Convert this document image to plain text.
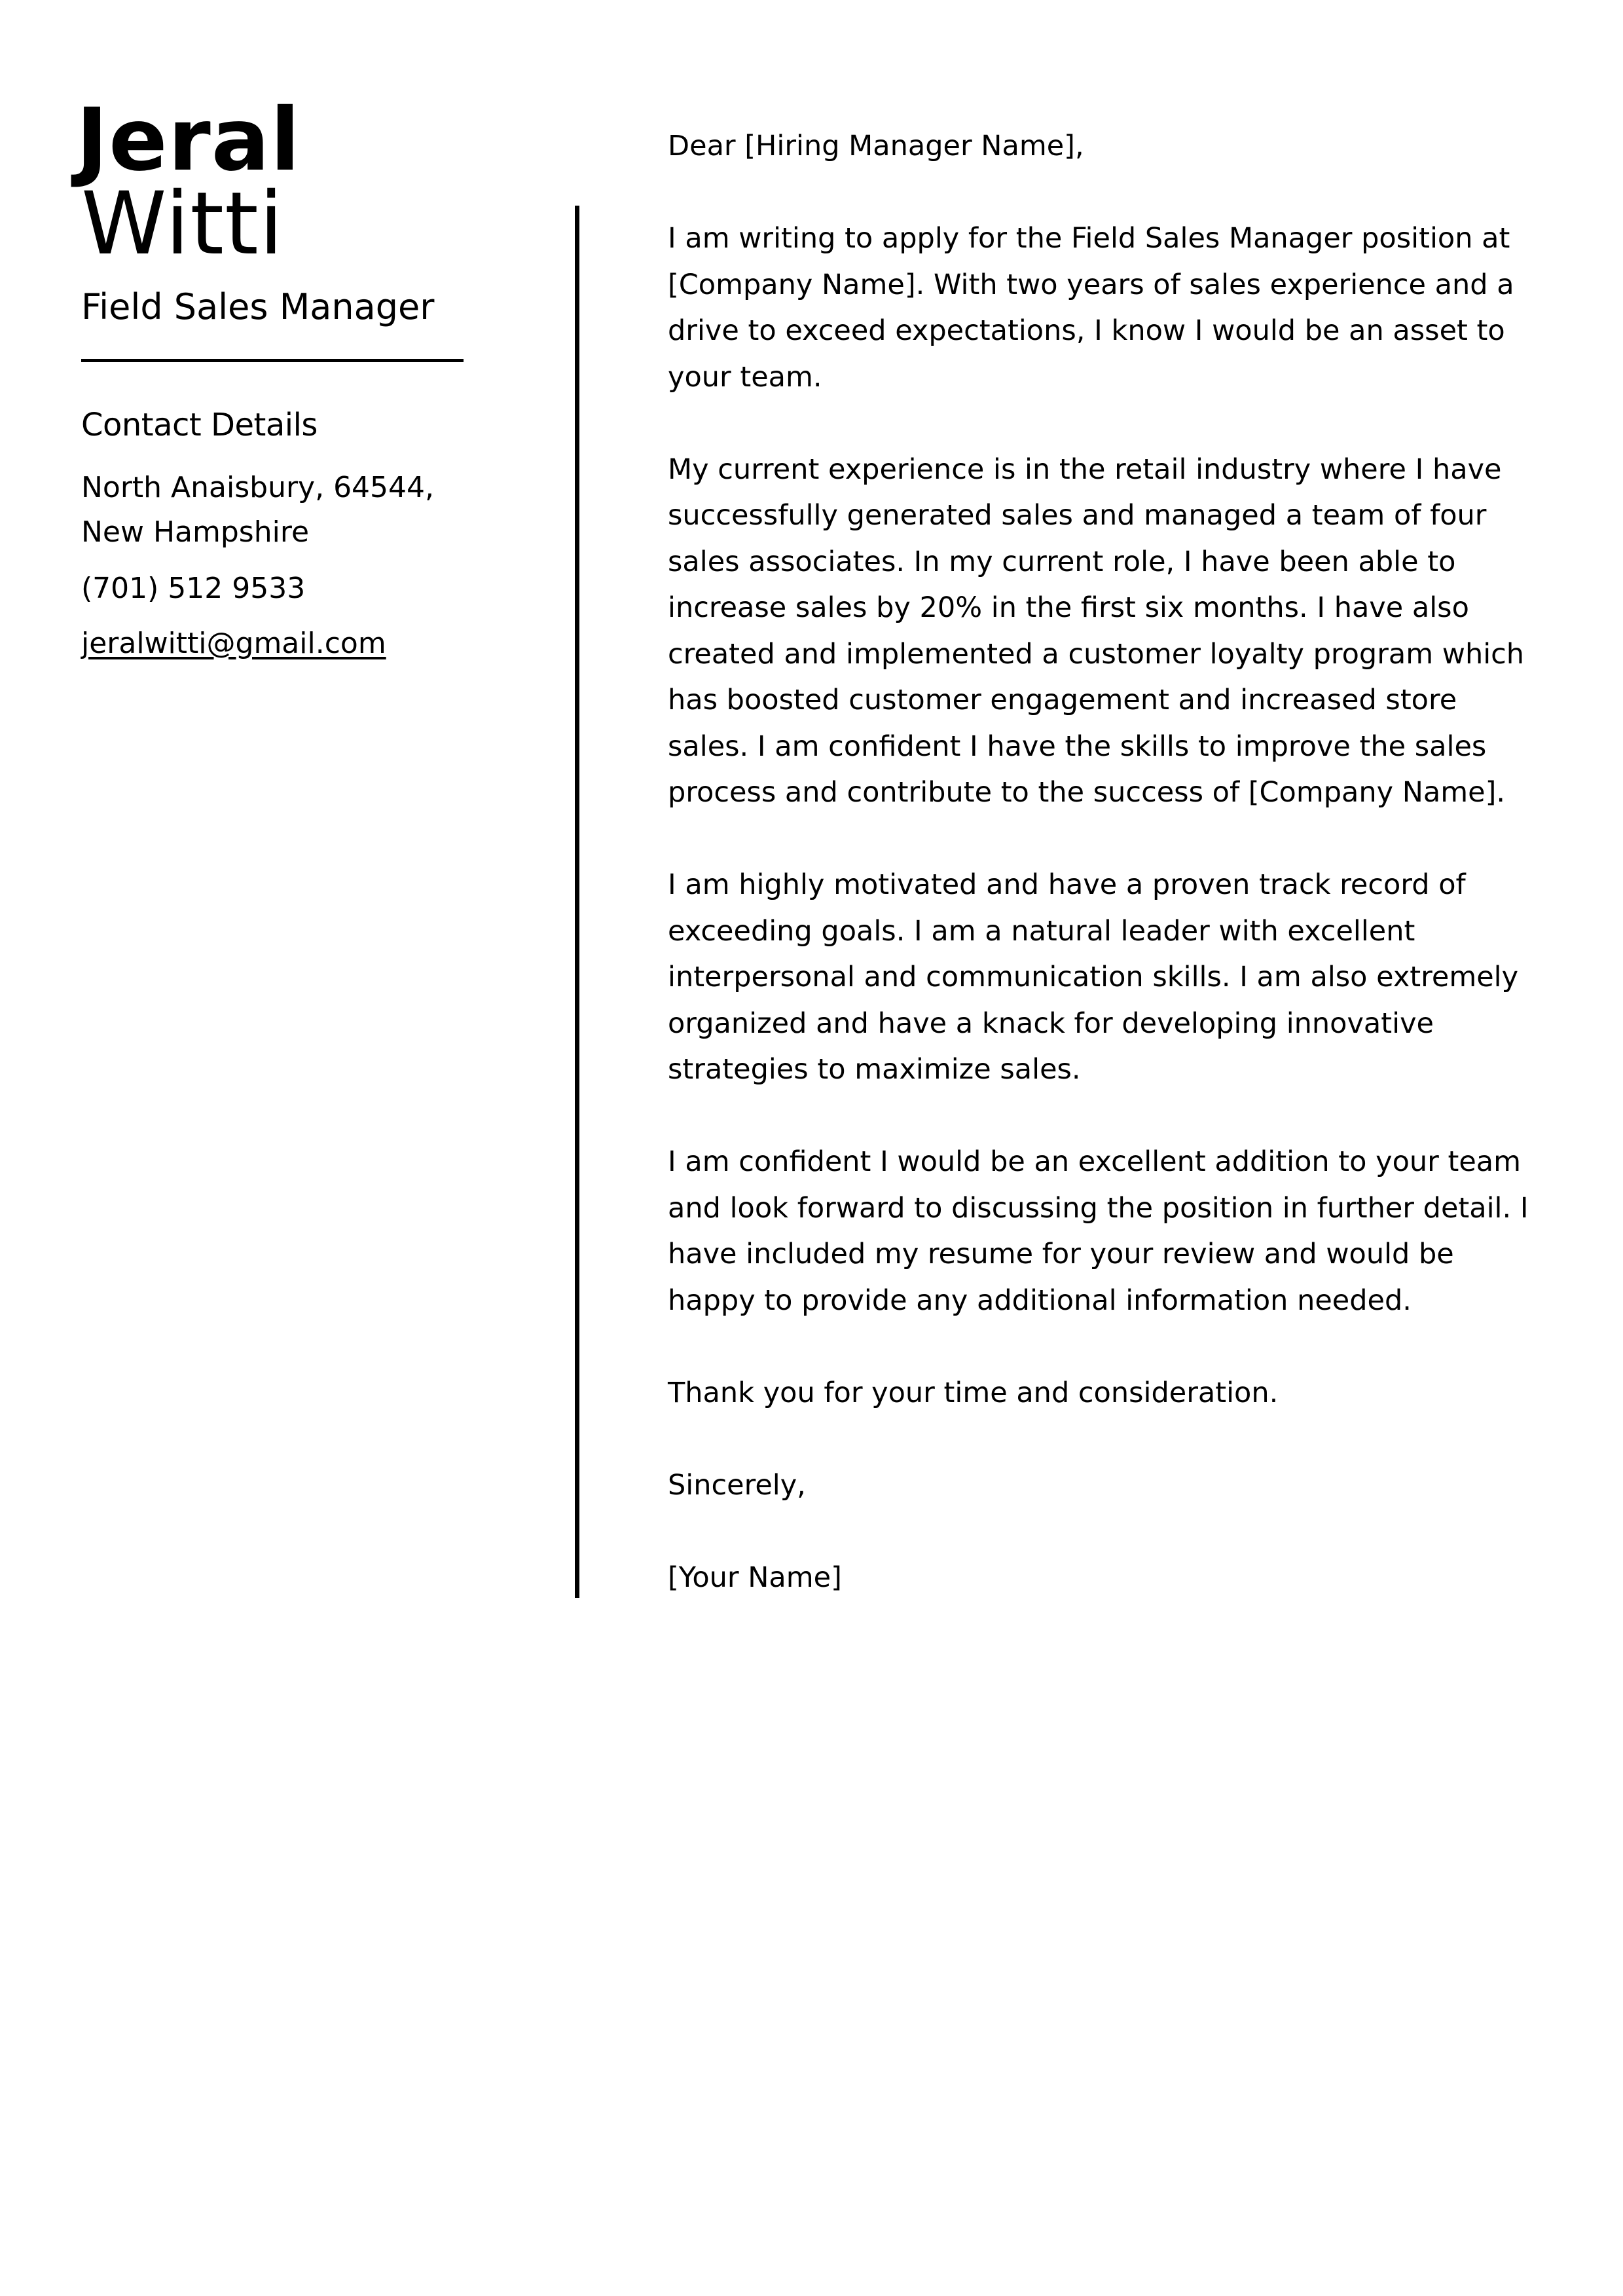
Jeral
Witti
Field Sales Manager
Contact Details
North Anaisbury, 64544,
New Hampshire
(701) 512 9533
jeralwitti@gmail.com

Dear [Hiring Manager Name],

I am writing to apply for the Field Sales Manager position at [Company Name]. With two years of sales experience and a drive to exceed expectations, I know I would be an asset to your team.

My current experience is in the retail industry where I have successfully generated sales and managed a team of four sales associates. In my current role, I have been able to increase sales by 20% in the first six months. I have also created and implemented a customer loyalty program which has boosted customer engagement and increased store sales. I am confident I have the skills to improve the sales process and contribute to the success of [Company Name].

I am highly motivated and have a proven track record of exceeding goals. I am a natural leader with excellent interpersonal and communication skills. I am also extremely organized and have a knack for developing innovative strategies to maximize sales.

I am confident I would be an excellent addition to your team and look forward to discussing the position in further detail. I have included my resume for your review and would be happy to provide any additional information needed.

Thank you for your time and consideration.

Sincerely,

[Your Name]
